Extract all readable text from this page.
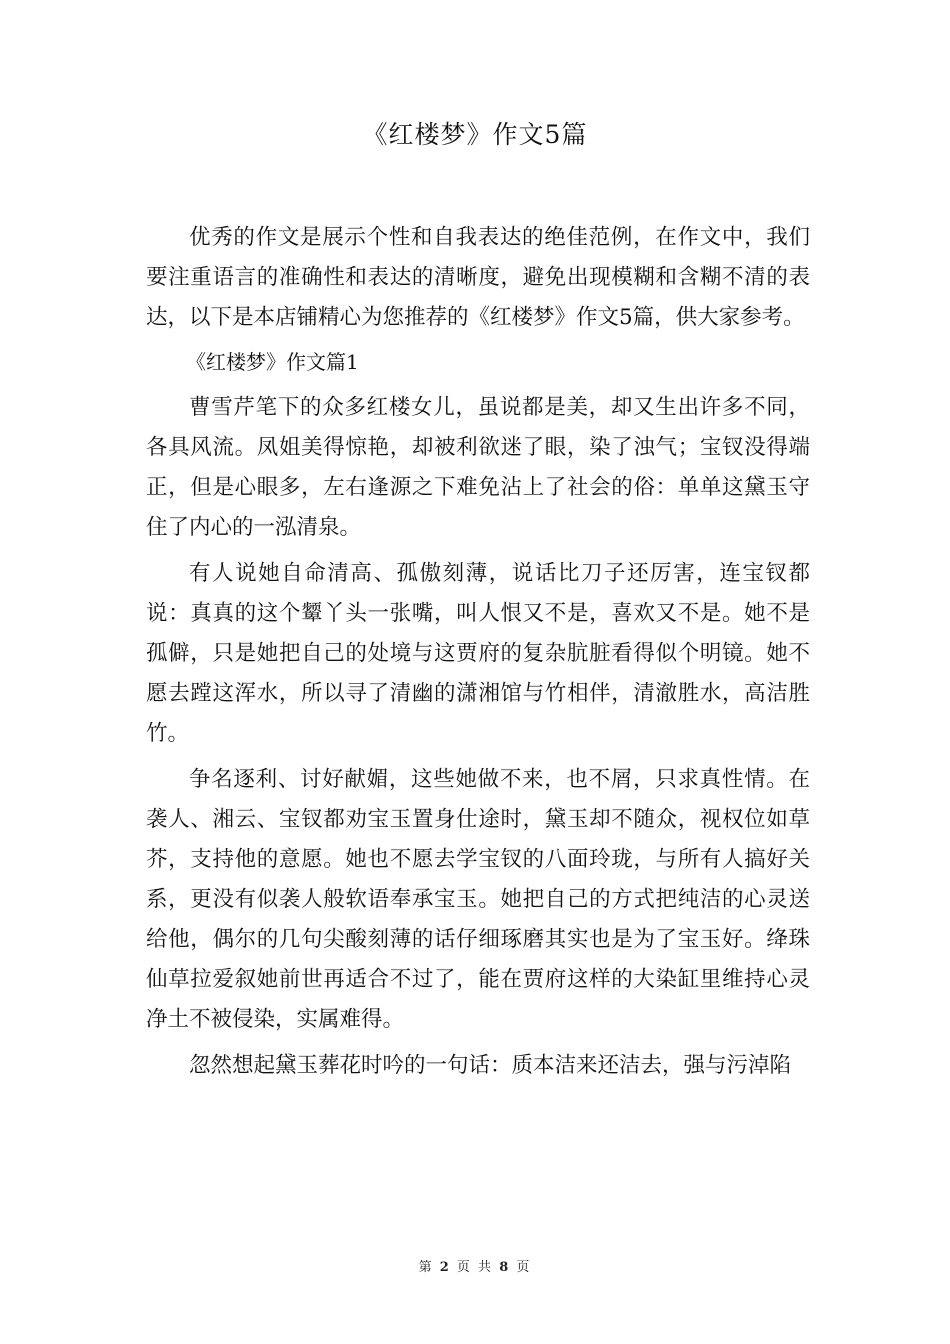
《红楼梦》作文5篇

优秀的作文是展示个性和自我表达的绝佳范例，在作文中，我们要注重语言的准确性和表达的清晰度，避免出现模糊和含糊不清的表达，以下是本店铺精心为您推荐的《红楼梦》作文5篇，供大家参考。

《红楼梦》作文篇1

曹雪芹笔下的众多红楼女儿，虽说都是美，却又生出许多不同，各具风流。凤姐美得惊艳，却被利欲迷了眼，染了浊气；宝钗没得端正，但是心眼多，左右逢源之下难免沾上了社会的俗：单单这黛玉守住了内心的一泓清泉。

有人说她自命清高、孤傲刻薄，说话比刀子还厉害，连宝钗都说：真真的这个颦丫头一张嘴，叫人恨又不是，喜欢又不是。她不是孤僻，只是她把自己的处境与这贾府的复杂肮脏看得似个明镜。她不愿去蹚这浑水，所以寻了清幽的潇湘馆与竹相伴，清澈胜水，高洁胜竹。

争名逐利、讨好献媚，这些她做不来，也不屑，只求真性情。在袭人、湘云、宝钗都劝宝玉置身仕途时，黛玉却不随众，视权位如草芥，支持他的意愿。她也不愿去学宝钗的八面玲珑，与所有人搞好关系，更没有似袭人般软语奉承宝玉。她把自己的方式把纯洁的心灵送给他，偶尔的几句尖酸刻薄的话仔细琢磨其实也是为了宝玉好。绛珠仙草拉爱叙她前世再适合不过了，能在贾府这样的大染缸里维持心灵净土不被侵染，实属难得。

忽然想起黛玉葬花时吟的一句话：质本洁来还洁去，强与污淖陷

第 2 页 共 8 页
